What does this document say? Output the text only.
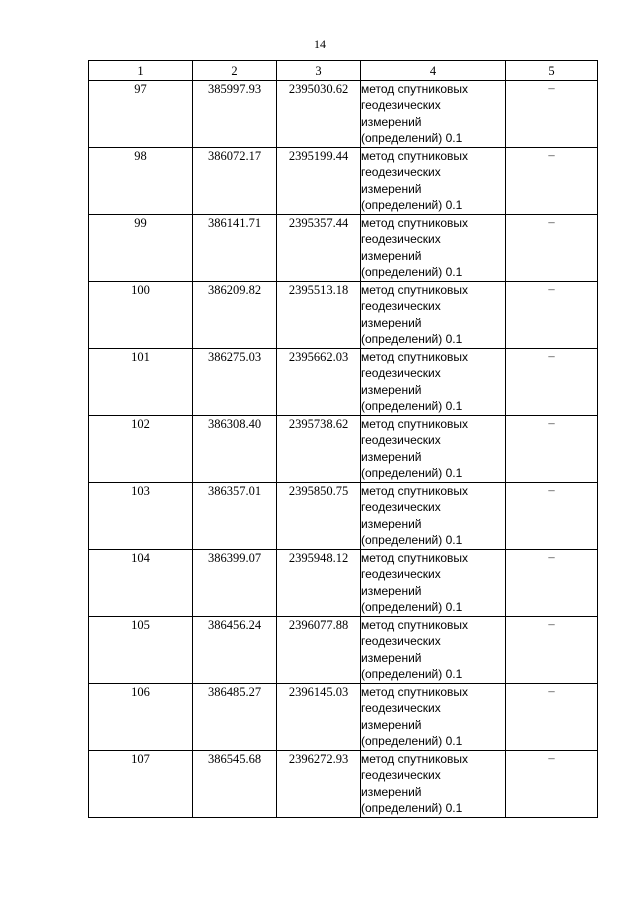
14
1	2	3	4	5
97	385997.93	2395030.62	метод спутниковых
геодезических
измерений
(определений) 0.1	–
98	386072.17	2395199.44	метод спутниковых
геодезических
измерений
(определений) 0.1	–
99	386141.71	2395357.44	метод спутниковых
геодезических
измерений
(определений) 0.1	–
100	386209.82	2395513.18	метод спутниковых
геодезических
измерений
(определений) 0.1	–
101	386275.03	2395662.03	метод спутниковых
геодезических
измерений
(определений) 0.1	–
102	386308.40	2395738.62	метод спутниковых
геодезических
измерений
(определений) 0.1	–
103	386357.01	2395850.75	метод спутниковых
геодезических
измерений
(определений) 0.1	–
104	386399.07	2395948.12	метод спутниковых
геодезических
измерений
(определений) 0.1	–
105	386456.24	2396077.88	метод спутниковых
геодезических
измерений
(определений) 0.1	–
106	386485.27	2396145.03	метод спутниковых
геодезических
измерений
(определений) 0.1	–
107	386545.68	2396272.93	метод спутниковых
геодезических
измерений
(определений) 0.1	–
